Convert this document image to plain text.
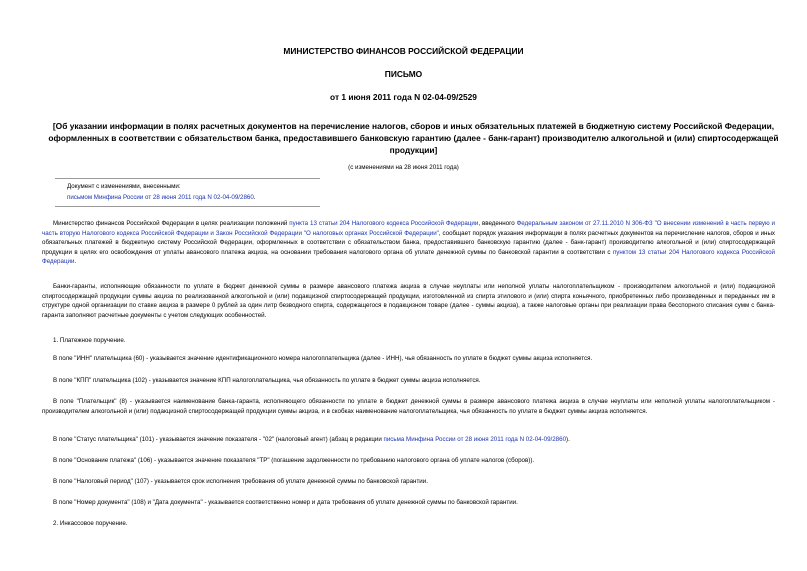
МИНИСТЕРСТВО ФИНАНСОВ РОССИЙСКОЙ ФЕДЕРАЦИИ
ПИСЬМО
от 1 июня 2011 года N 02-04-09/2529
[Об указании информации в полях расчетных документов на перечисление налогов, сборов и иных обязательных платежей в бюджетную систему Российской Федерации, оформленных в соответствии с обязательством банка, предоставившего банковскую гарантию (далее - банк-гарант) производителю алкогольной и (или) спиртосодержащей продукции]
(с изменениями на 28 июня 2011 года)
Документ с изменениями, внесенными:
письмом Минфина России от 28 июня 2011 года N 02-04-09/2860.
Министерство финансов Российской Федерации в целях реализации положений пункта 13 статьи 204 Налогового кодекса Российской Федерации, введенного Федеральным законом от 27.11.2010 N 306-ФЗ "О внесении изменений в часть первую и часть вторую Налогового кодекса Российской Федерации и Закон Российской Федерации "О налоговых органах Российской Федерации", сообщает порядок указания информации в полях расчетных документов на перечисление налогов, сборов и иных обязательных платежей в бюджетную систему Российской Федерации, оформленных в соответствии с обязательством банка, предоставившего банковскую гарантию (далее - банк-гарант) производителю алкогольной и (или) спиртосодержащей продукции в целях его освобождения от уплаты авансового платежа акциза, на основании требования налогового органа об уплате денежной суммы по банковской гарантии в соответствии с пунктом 13 статьи 204 Налогового кодекса Российской Федерации.
Банки-гаранты, исполняющие обязанности по уплате в бюджет денежной суммы в размере авансового платежа акциза в случае неуплаты или неполной уплаты налогоплательщиком - производителем алкогольной и (или) подакцизной спиртосодержащей продукции суммы акциза по реализованной алкогольной и (или) подакцизной спиртосодержащей продукции, изготовленной из спирта этилового и (или) спирта коньячного, приобретенных либо произведенных и переданных им в структуре одной организации по ставке акциза в размере 0 рублей за один литр безводного спирта, содержащегося в подакцизном товаре (далее - суммы акциза), а также налоговые органы при реализации права бесспорного списания сумм с банка-гаранта заполняют расчетные документы с учетом следующих особенностей.
1. Платежное поручение.
В поле "ИНН" плательщика (60) - указывается значение идентификационного номера налогоплательщика (далее - ИНН), чья обязанность по уплате в бюджет суммы акциза исполняется.
В поле "КПП" плательщика (102) - указывается значение КПП налогоплательщика, чья обязанность по уплате в бюджет суммы акциза исполняется.
В поле "Плательщик" (8) - указывается наименование банка-гаранта, исполняющего обязанности по уплате в бюджет денежной суммы в размере авансового платежа акциза в случае неуплаты или неполной уплаты налогоплательщиком - производителем алкогольной и (или) подакцизной спиртосодержащей продукции суммы акциза, и в скобках наименование налогоплательщика, чья обязанность по уплате в бюджет суммы акциза исполняется.
В поле "Статус плательщика" (101) - указывается значение показателя - "02" (налоговый агент) (абзац в редакции письма Минфина России от 28 июня 2011 года N 02-04-09/2860).
В поле "Основание платежа" (106) - указывается значение показателя "ТР" (погашение задолженности по требованию налогового органа об уплате налогов (сборов)).
В поле "Налоговый период" (107) - указывается срок исполнения требования об уплате денежной суммы по банковской гарантии.
В поле "Номер документа" (108) и "Дата документа" - указывается соответственно номер и дата требования об уплате денежной суммы по банковской гарантии.
2. Инкассовое поручение.
